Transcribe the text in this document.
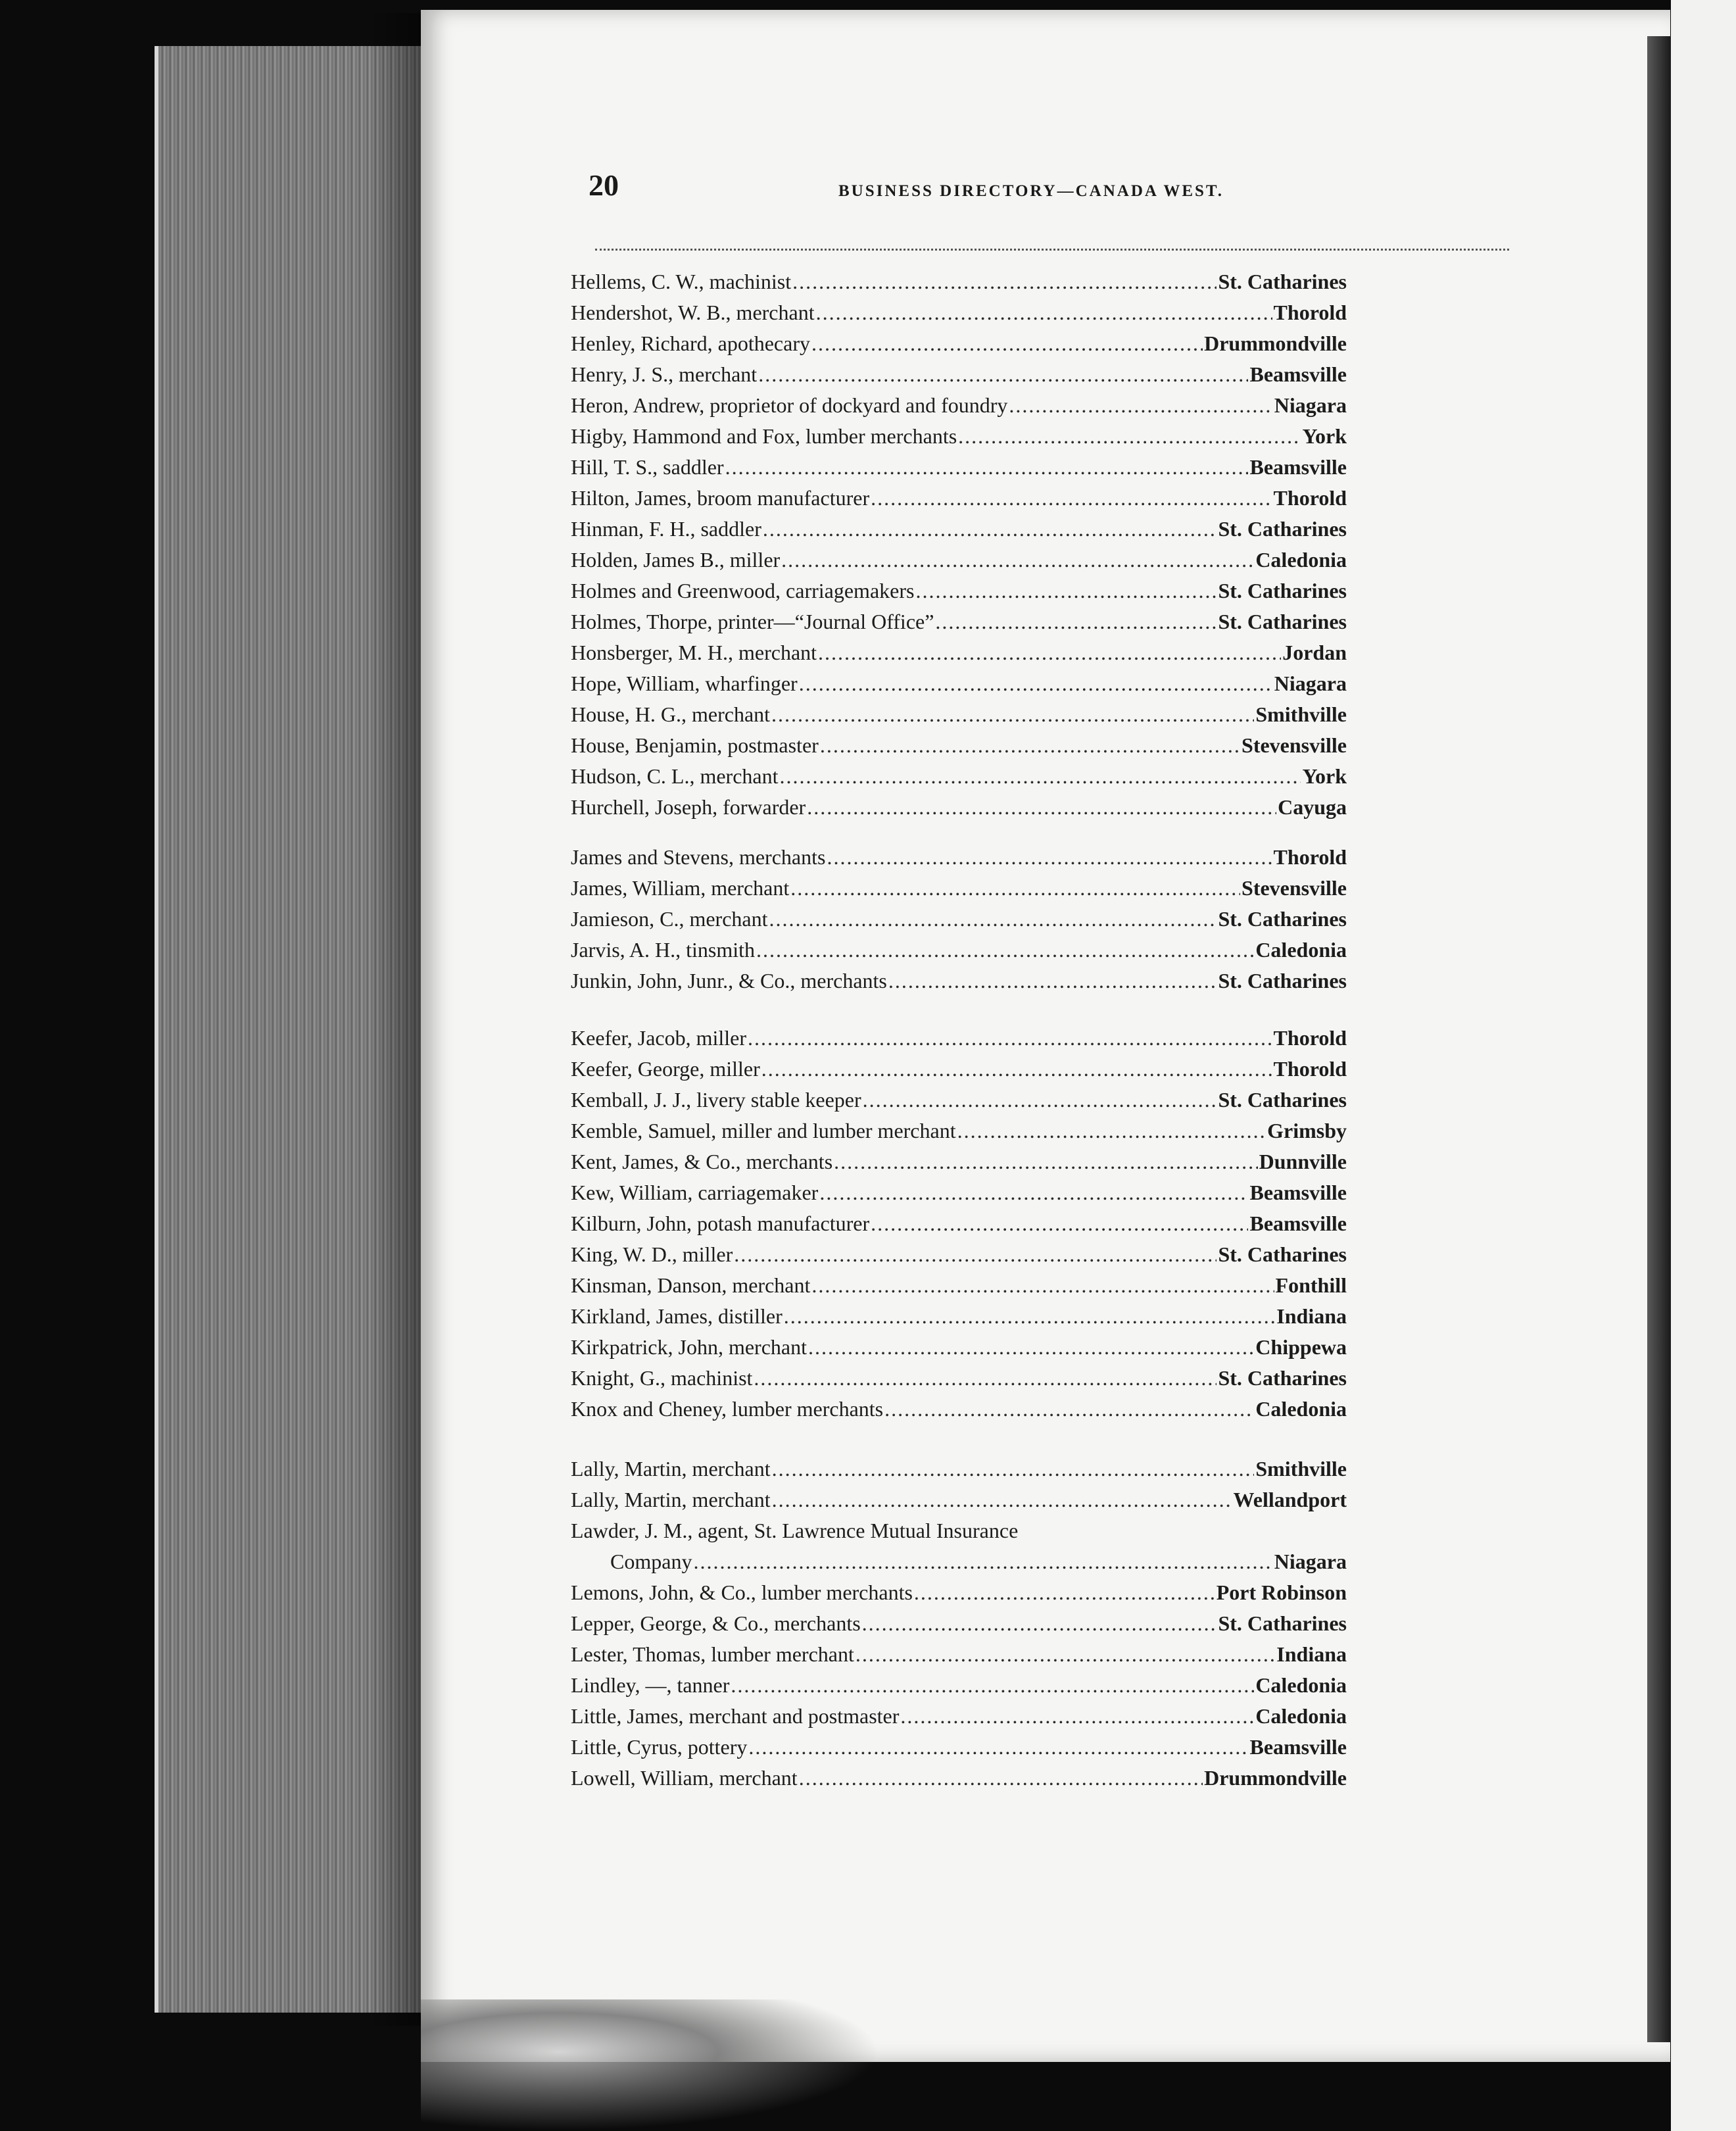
20	BUSINESS DIRECTORY—CANADA WEST.
Hellems, C. W., machinist .....	St. Catharines
Hendershot, W. B., merchant .....	Thorold
Henley, Richard, apothecary .....	Drummondville
Henry, J. S., merchant .....	Beamsville
Heron, Andrew, proprietor of dockyard and foundry .....	Niagara
Higby, Hammond and Fox, lumber merchants .....	York
Hill, T. S., saddler .....	Beamsville
Hilton, James, broom manufacturer .....	Thorold
Hinman, F. H., saddler .....	St. Catharines
Holden, James B., miller .....	Caledonia
Holmes and Greenwood, carriagemakers .....	St. Catharines
Holmes, Thorpe, printer—“Journal Office” .....	St. Catharines
Honsberger, M. H., merchant .....	Jordan
Hope, William, wharfinger .....	Niagara
House, H. G., merchant .....	Smithville
House, Benjamin, postmaster .....	Stevensville
Hudson, C. L., merchant .....	York
Hurchell, Joseph, forwarder .....	Cayuga
James and Stevens, merchants .....	Thorold
James, William, merchant .....	Stevensville
Jamieson, C., merchant .....	St. Catharines
Jarvis, A. H., tinsmith .....	Caledonia
Junkin, John, Junr., & Co., merchants .....	St. Catharines
Keefer, Jacob, miller .....	Thorold
Keefer, George, miller .....	Thorold
Kemball, J. J., livery stable keeper .....	St. Catharines
Kemble, Samuel, miller and lumber merchant .....	Grimsby
Kent, James, & Co., merchants .....	Dunnville
Kew, William, carriagemaker .....	Beamsville
Kilburn, John, potash manufacturer .....	Beamsville
King, W. D., miller .....	St. Catharines
Kinsman, Danson, merchant .....	Fonthill
Kirkland, James, distiller .....	Indiana
Kirkpatrick, John, merchant .....	Chippewa
Knight, G., machinist .....	St. Catharines
Knox and Cheney, lumber merchants .....	Caledonia
Lally, Martin, merchant .....	Smithville
Lally, Martin, merchant .....	Wellandport
Lawder, J. M., agent, St. Lawrence Mutual Insurance
Company .....	Niagara
Lemons, John, & Co., lumber merchants .....	Port Robinson
Lepper, George, & Co., merchants .....	St. Catharines
Lester, Thomas, lumber merchant .....	Indiana
Lindley, —, tanner .....	Caledonia
Little, James, merchant and postmaster .....	Caledonia
Little, Cyrus, pottery .....	Beamsville
Lowell, William, merchant .....	Drummondville
